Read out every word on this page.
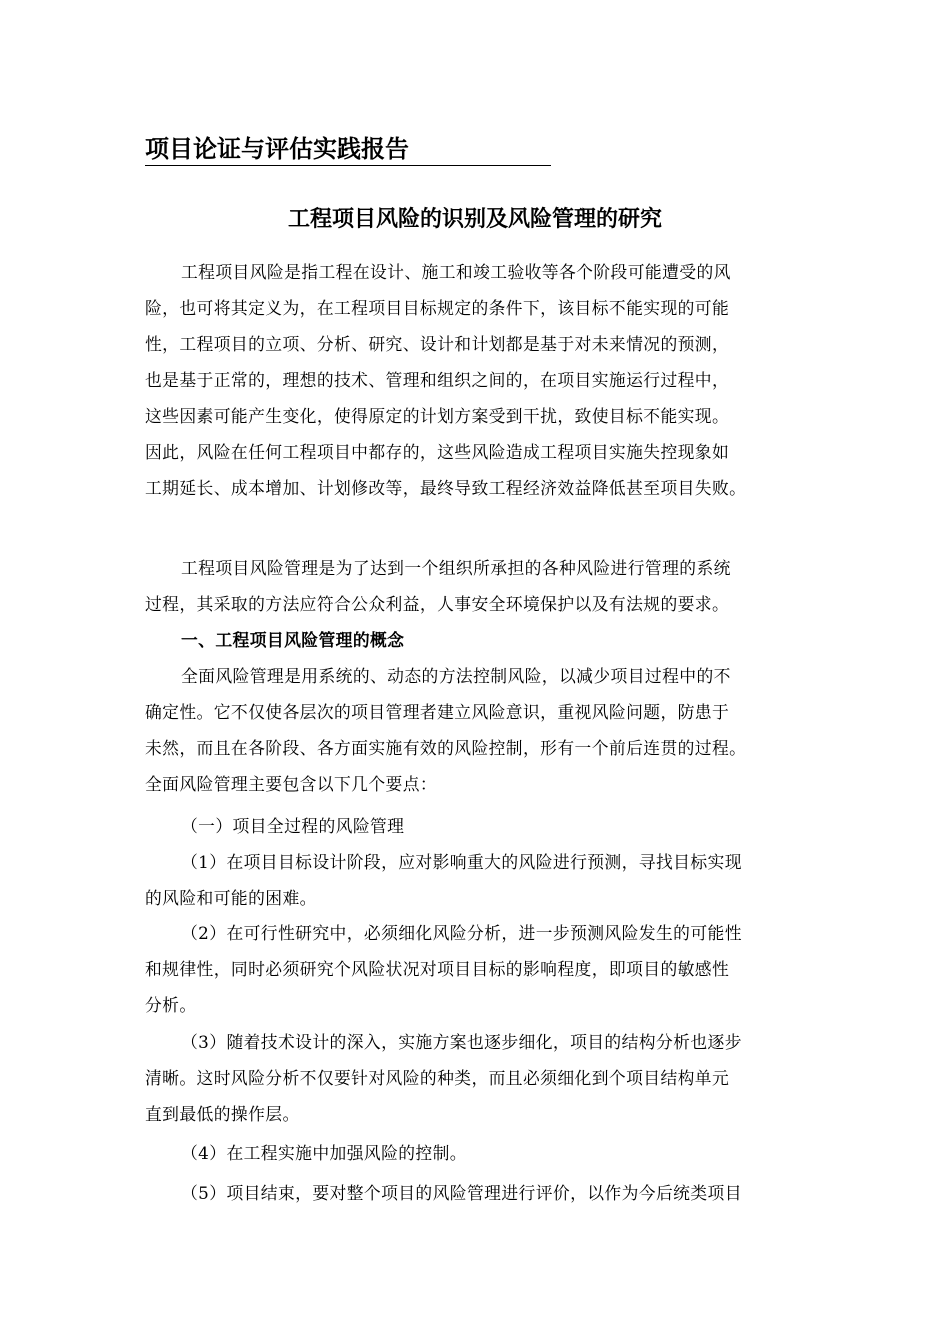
项目论证与评估实践报告
工程项目风险的识别及风险管理的研究
工程项目风险是指工程在设计、施工和竣工验收等各个阶段可能遭受的风
险，也可将其定义为，在工程项目目标规定的条件下，该目标不能实现的可能
性，工程项目的立项、分析、研究、设计和计划都是基于对未来情况的预测，
也是基于正常的，理想的技术、管理和组织之间的，在项目实施运行过程中，
这些因素可能产生变化，使得原定的计划方案受到干扰，致使目标不能实现。
因此，风险在任何工程项目中都存的，这些风险造成工程项目实施失控现象如
工期延长、成本增加、计划修改等，最终导致工程经济效益降低甚至项目失败。
工程项目风险管理是为了达到一个组织所承担的各种风险进行管理的系统
过程，其采取的方法应符合公众利益，人事安全环境保护以及有法规的要求。
一、工程项目风险管理的概念
全面风险管理是用系统的、动态的方法控制风险，以减少项目过程中的不
确定性。它不仅使各层次的项目管理者建立风险意识，重视风险问题，防患于
未然，而且在各阶段、各方面实施有效的风险控制，形有一个前后连贯的过程。
全面风险管理主要包含以下几个要点：
（一）项目全过程的风险管理
（1）在项目目标设计阶段，应对影响重大的风险进行预测，寻找目标实现
的风险和可能的困难。
（2）在可行性研究中，必须细化风险分析，进一步预测风险发生的可能性
和规律性，同时必须研究个风险状况对项目目标的影响程度，即项目的敏感性
分析。
（3）随着技术设计的深入，实施方案也逐步细化，项目的结构分析也逐步
清晰。这时风险分析不仅要针对风险的种类，而且必须细化到个项目结构单元
直到最低的操作层。
（4）在工程实施中加强风险的控制。
（5）项目结束，要对整个项目的风险管理进行评价，以作为今后统类项目
